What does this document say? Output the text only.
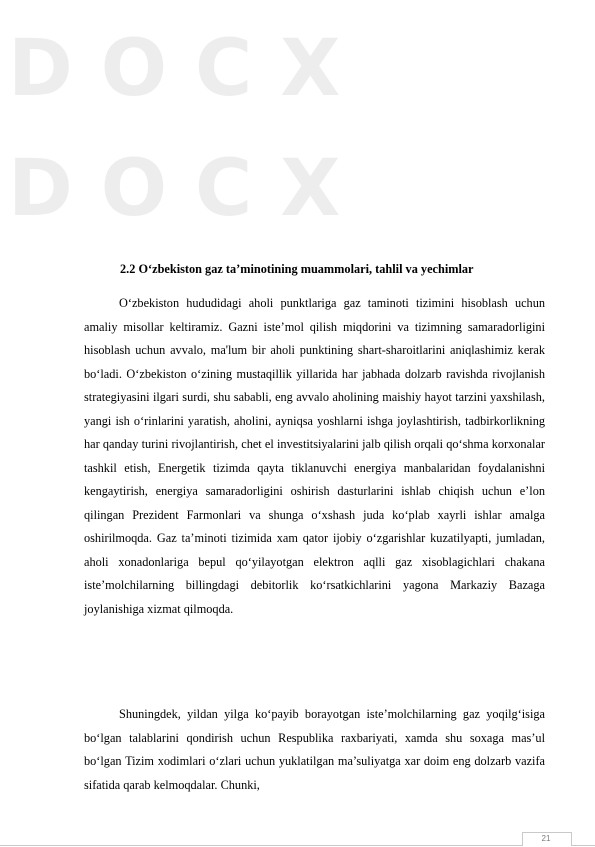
DOCX
DOCX
2.2 O‘zbekiston gaz ta’minotining muammolari, tahlil va yechimlar

O‘zbekiston hududidagi aholi punktlariga gaz taminoti tizimini hisoblash uchun amaliy misollar keltiramiz. Gazni iste’mol qilish miqdorini va tizimning samaradorligini hisoblash uchun avvalo, ma'lum bir aholi punktining shart-sharoitlarini aniqlashimiz kerak bo‘ladi. O‘zbekiston o‘zining mustaqillik yillarida har jabhada dolzarb ravishda rivojlanish strategiyasini ilgari surdi, shu sababli, eng avvalo aholining maishiy hayot tarzini yaxshilash, yangi ish o‘rinlarini yaratish, aholini, ayniqsa yoshlarni ishga joylashtirish, tadbirkorlikning har qanday turini rivojlantirish, chet el investitsiyalarini jalb qilish orqali qo‘shma korxonalar tashkil etish, Energetik tizimda qayta tiklanuvchi energiya manbalaridan foydalanishni kengaytirish, energiya samaradorligini oshirish dasturlarini ishlab chiqish uchun e’lon qilingan Prezident Farmonlari va shunga o‘xshash juda ko‘plab xayrli ishlar amalga oshirilmoqda. Gaz ta’minoti tizimida xam qator ijobiy o‘zgarishlar kuzatilyapti, jumladan, aholi xonadonlariga bepul qo‘yilayotgan elektron aqlli gaz xisoblagichlari chakana iste’molchilarning billingdagi debitorlik ko‘rsatkichlarini yagona Markaziy Bazaga joylanishiga xizmat qilmoqda.

Shuningdek, yildan yilga ko‘payib borayotgan iste’molchilarning gaz yoqilg‘isiga bo‘lgan talablarini qondirish uchun Respublika raxbariyati, xamda shu soxaga mas’ul bo‘lgan Tizim xodimlari o‘zlari uchun yuklatilgan ma’suliyatga xar doim eng dolzarb vazifa sifatida qarab kelmoqdalar. Chunki,

21
